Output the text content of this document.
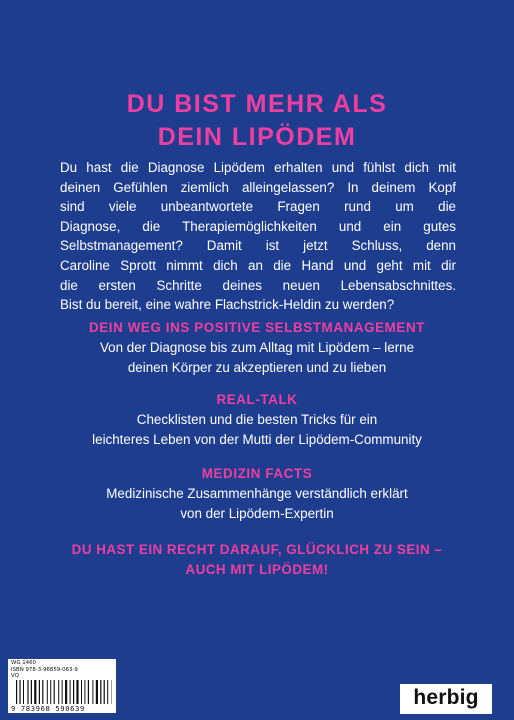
DU BIST MEHR ALS
DEIN LIPÖDEM
Du hast die Diagnose Lipödem erhalten und fühlst dich mit
deinen Gefühlen ziemlich alleingelassen? In deinem Kopf
sind viele unbeantwortete Fragen rund um die
Diagnose, die Therapiemöglichkeiten und ein gutes
Selbstmanagement? Damit ist jetzt Schluss, denn
Caroline Sprott nimmt dich an die Hand und geht mit dir
die ersten Schritte deines neuen Lebensabschnittes.
Bist du bereit, eine wahre Flachstrick-Heldin zu werden?
DEIN WEG INS POSITIVE SELBSTMANAGEMENT
Von der Diagnose bis zum Alltag mit Lipödem – lerne
deinen Körper zu akzeptieren und zu lieben
REAL-TALK
Checklisten und die besten Tricks für ein
leichteres Leben von der Mutti der Lipödem-Community
MEDIZIN FACTS
Medizinische Zusammenhänge verständlich erklärt
von der Lipödem-Expertin
DU HAST EIN RECHT DARAUF, GLÜCKLICH ZU SEIN –
AUCH MIT LIPÖDEM!
WG 1460
ISBN 978-3-96859-063-9
VQ
9 783968 590639	herbig
